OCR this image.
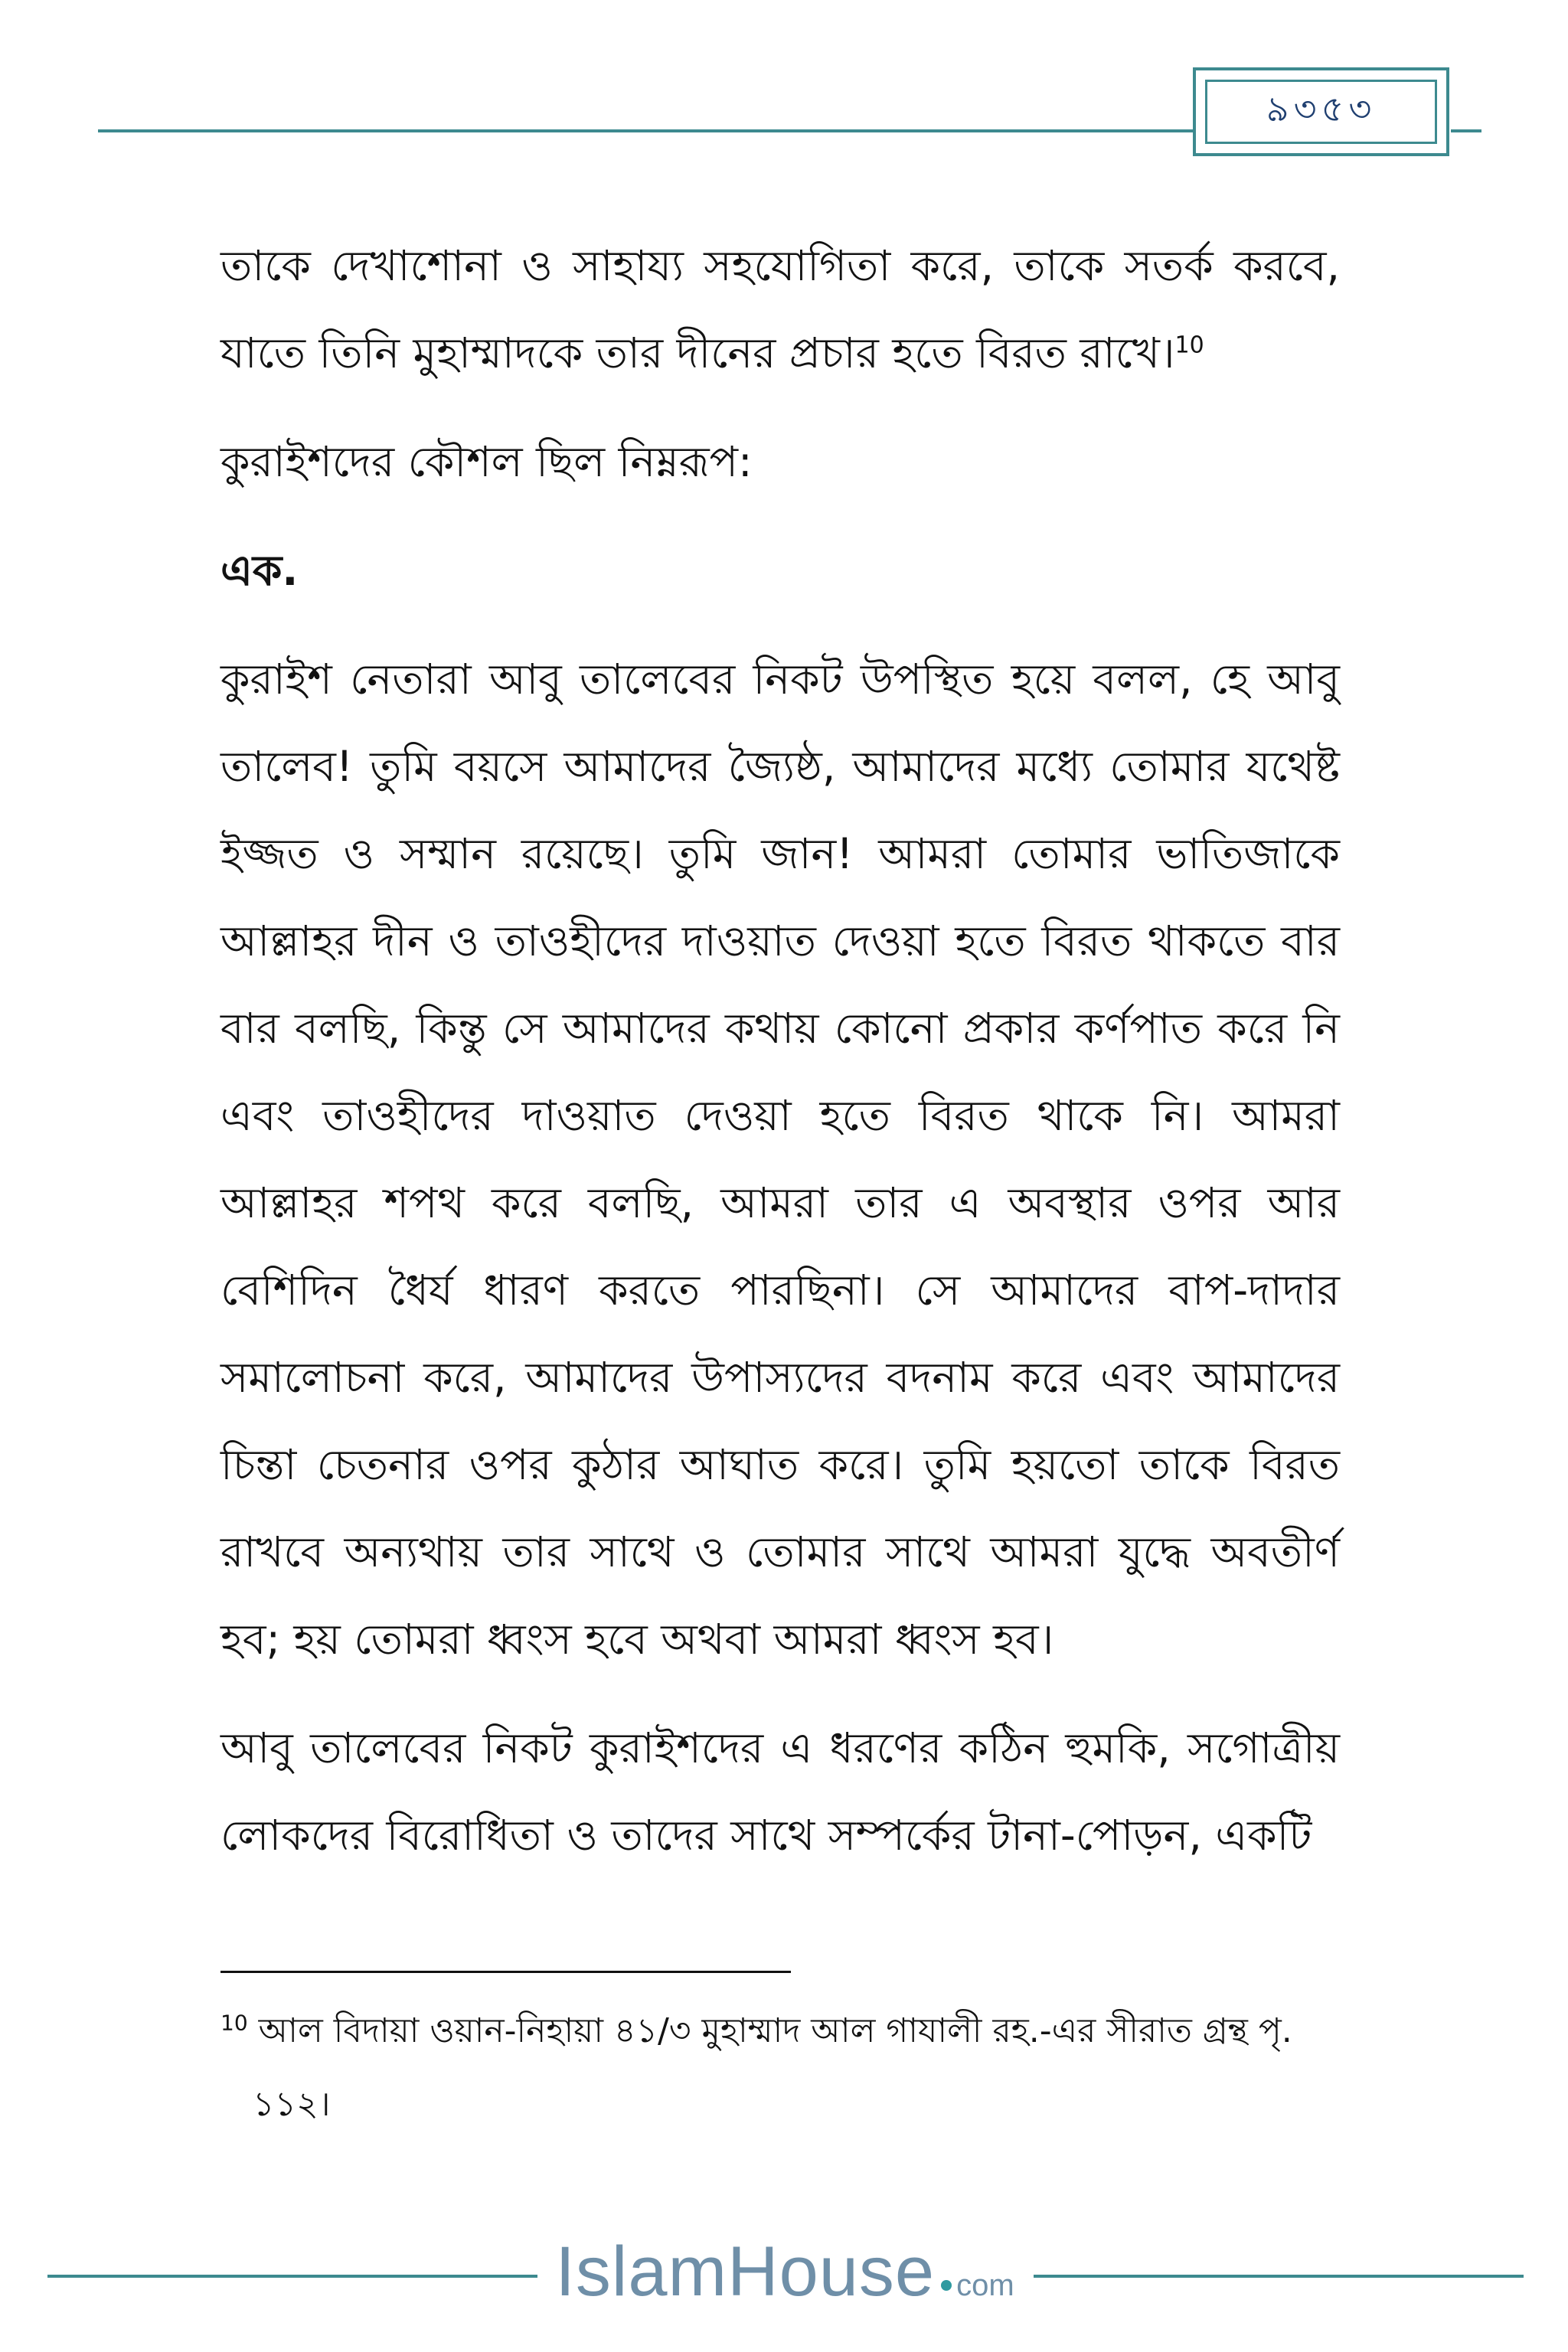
৯৩৫৩

তাকে দেখাশোনা ও সাহায্য সহযোগিতা করে, তাকে সতর্ক করবে, যাতে তিনি মুহাম্মাদকে তার দীনের প্রচার হতে বিরত রাখে।$^{10}$

কুরাইশদের কৌশল ছিল নিম্নরূপ:

এক.

কুরাইশ নেতারা আবু তালেবের নিকট উপস্থিত হয়ে বলল, হে আবু তালেব! তুমি বয়সে আমাদের জ্যৈষ্ঠ, আমাদের মধ্যে তোমার যথেষ্ট ইজ্জত ও সম্মান রয়েছে। তুমি জান! আমরা তোমার ভাতিজাকে আল্লাহর দীন ও তাওহীদের দাওয়াত দেওয়া হতে বিরত থাকতে বার বার বলছি, কিন্তু সে আমাদের কথায় কোনো প্রকার কর্ণপাত করে নি এবং তাওহীদের দাওয়াত দেওয়া হতে বিরত থাকে নি। আমরা আল্লাহর শপথ করে বলছি, আমরা তার এ অবস্থার ওপর আর বেশিদিন ধৈর্য ধারণ করতে পারছিনা। সে আমাদের বাপ-দাদার সমালোচনা করে, আমাদের উপাস্যদের বদনাম করে এবং আমাদের চিন্তা চেতনার ওপর কুঠার আঘাত করে। তুমি হয়তো তাকে বিরত রাখবে অন্যথায় তার সাথে ও তোমার সাথে আমরা যুদ্ধে অবতীর্ণ হব; হয় তোমরা ধ্বংস হবে অথবা আমরা ধ্বংস হব।

আবু তালেবের নিকট কুরাইশদের এ ধরণের কঠিন হুমকি, সগোত্রীয় লোকদের বিরোধিতা ও তাদের সাথে সম্পর্কের টানা-পোড়ন, একটি

$^{10}$ আল বিদায়া ওয়ান-নিহায়া ৪১/৩ মুহাম্মাদ আল গাযালী রহ.-এর সীরাত গ্রন্থ পৃ.
১১২।
IslamHouse com
